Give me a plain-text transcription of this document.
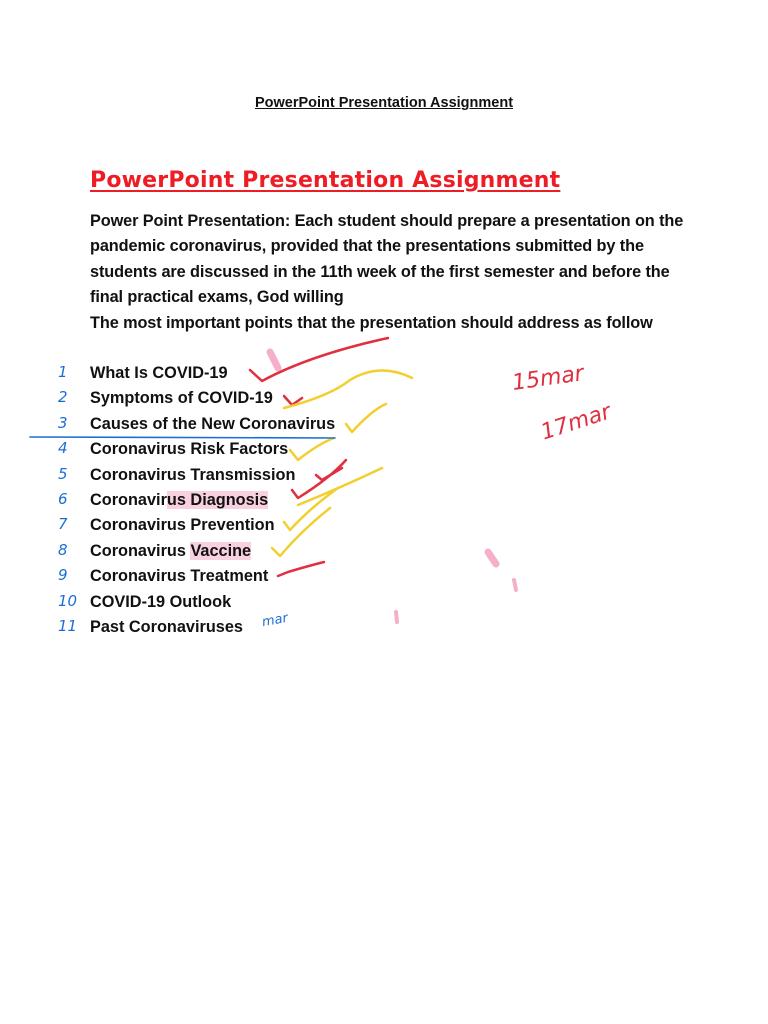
PowerPoint Presentation Assignment
PowerPoint Presentation Assignment

Power Point Presentation: Each student should prepare a presentation on the pandemic coronavirus, provided that the presentations submitted by the students are discussed in the 11th week of the first semester and before the final practical exams, God willing

The most important points that the presentation should address as follow

What Is COVID-19
Symptoms of COVID-19
Causes of the New Coronavirus
Coronavirus Risk Factors
Coronavirus Transmission
Coronavirus Diagnosis
Coronavirus Prevention
Coronavirus Vaccine
Coronavirus Treatment
COVID-19 Outlook
Past Coronaviruses
1
2
3
4
5
6
7
8
9
10
11
15mar
17mar
mar
